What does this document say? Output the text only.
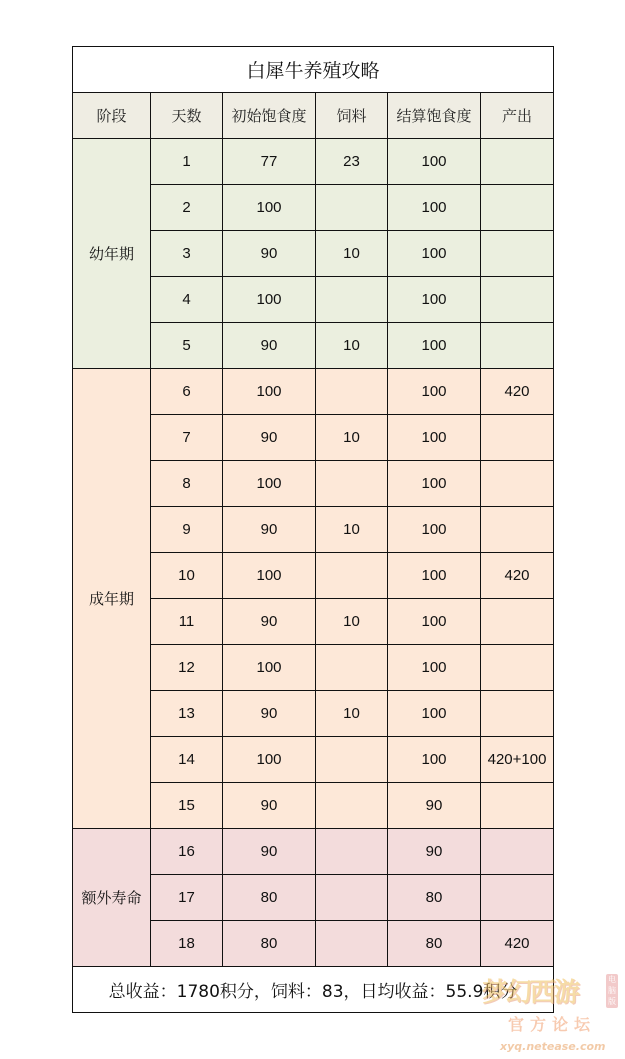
白犀牛养殖攻略					
阶段	天数	初始饱食度	饲料	结算饱食度	产出
幼年期	1	77	23	100	
	2	100		100	
	3	90	10	100	
	4	100		100	
	5	90	10	100	
成年期	6	100		100	420
	7	90	10	100	
	8	100		100	
	9	90	10	100	
	10	100		100	420
	11	90	10	100	
	12	100		100	
	13	90	10	100	
	14	100		100	420+100
	15	90		90	
额外寿命	16	90		90	
	17	80		80	
	18	80		80	420
总收益：1780积分，饲料：83，日均收益：55.9积分					
梦幻西游	电脑版
官方论坛
xyq.netease.com
